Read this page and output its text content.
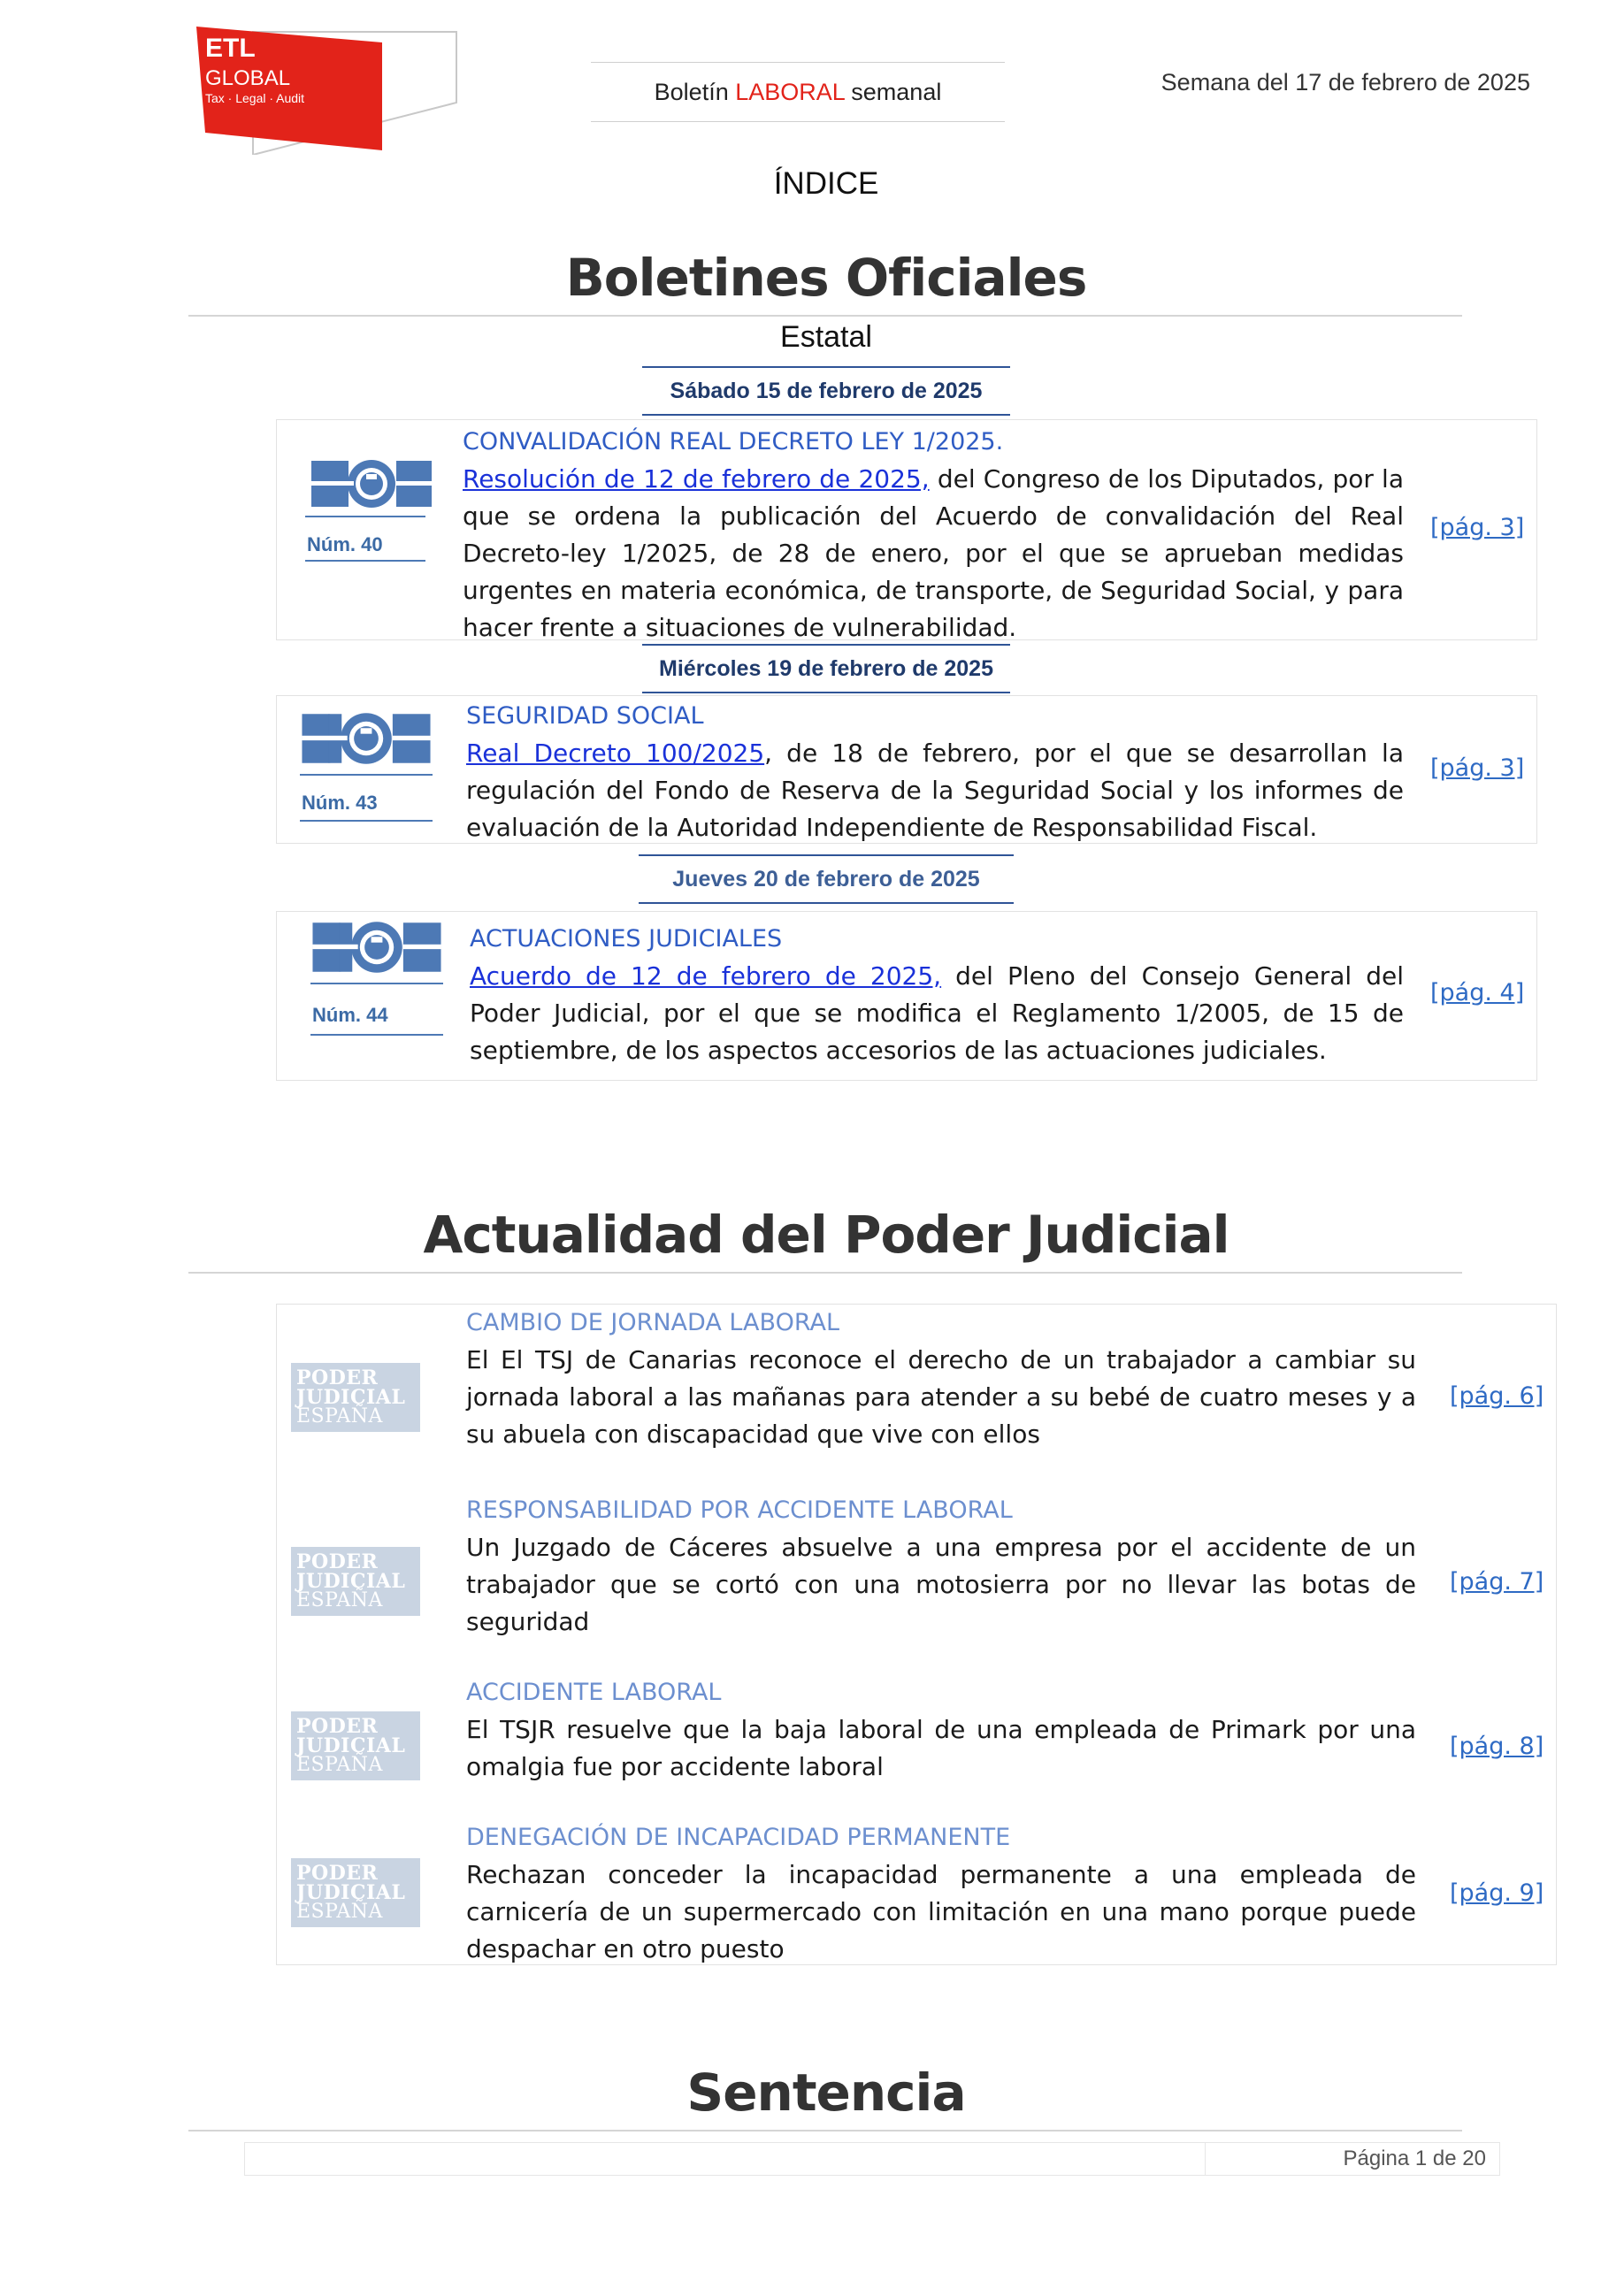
ETL
GLOBAL
Tax · Legal · Audit	Boletín LABORAL semanal	Semana del 17 de febrero de 2025
ÍNDICE
Boletines Oficiales
Estatal
Sábado 15 de febrero de 2025
Núm. 40
CONVALIDACIÓN REAL DECRETO LEY 1/2025.
Resolución de 12 de febrero de 2025, del Congreso de los Diputados, por la que se ordena la publicación del Acuerdo de convalidación del Real Decreto-ley 1/2025, de 28 de enero, por el que se aprueban medidas urgentes en materia económica, de transporte, de Seguridad Social, y para hacer frente a situaciones de vulnerabilidad.
[pág. 3]
Miércoles 19 de febrero de 2025
Núm. 43
SEGURIDAD SOCIAL
Real Decreto 100/2025, de 18 de febrero, por el que se desarrollan la regulación del Fondo de Reserva de la Seguridad Social y los informes de evaluación de la Autoridad Independiente de Responsabilidad Fiscal.
[pág. 3]
Jueves 20 de febrero de 2025
Núm. 44
ACTUACIONES JUDICIALES
Acuerdo de 12 de febrero de 2025, del Pleno del Consejo General del Poder Judicial, por el que se modifica el Reglamento 1/2005, de 15 de septiembre, de los aspectos accesorios de las actuaciones judiciales.
[pág. 4]
Actualidad del Poder Judicial
PODER
JUDICIAL
ESPAÑA
CAMBIO DE JORNADA LABORAL
El El TSJ de Canarias reconoce el derecho de un trabajador a cambiar su jornada laboral a las mañanas para atender a su bebé de cuatro meses y a su abuela con discapacidad que vive con ellos
[pág. 6]
PODER
JUDICIAL
ESPAÑA
RESPONSABILIDAD POR ACCIDENTE LABORAL
Un Juzgado de Cáceres absuelve a una empresa por el accidente de un trabajador que se cortó con una motosierra por no llevar las botas de seguridad
[pág. 7]
PODER
JUDICIAL
ESPAÑA
ACCIDENTE LABORAL
El TSJR resuelve que la baja laboral de una empleada de Primark por una omalgia fue por accidente laboral
[pág. 8]
PODER
JUDICIAL
ESPAÑA
DENEGACIÓN DE INCAPACIDAD PERMANENTE
Rechazan conceder la incapacidad permanente a una empleada de carnicería de un supermercado con limitación en una mano porque puede despachar en otro puesto
[pág. 9]
Sentencia
Página 1 de 20
